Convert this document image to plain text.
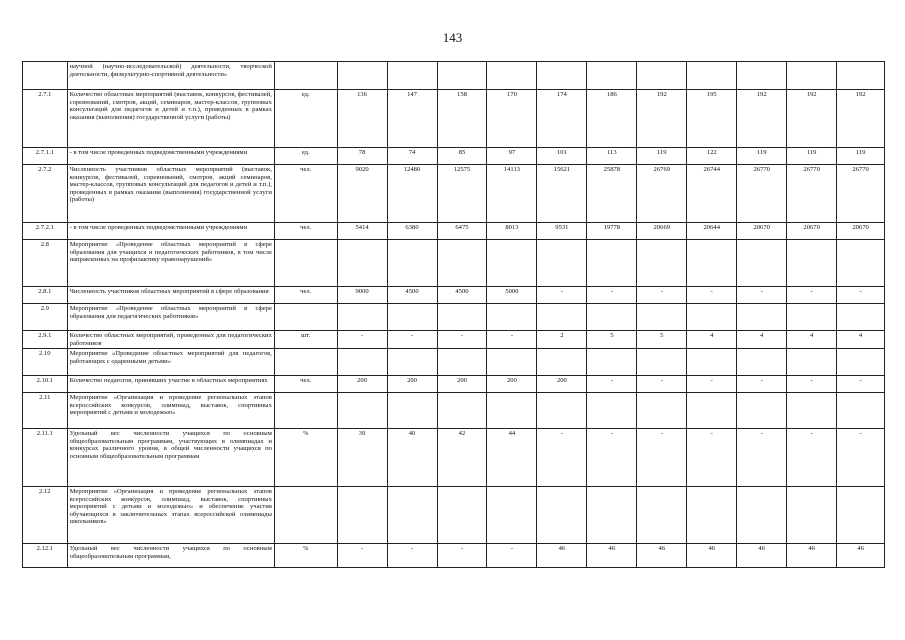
143
	научной (научно-исследовательской) деятельности, творческой деятельности, физкультурно-спортивной деятельности»												
2.7.1	Количество областных мероприятий (выставок, конкурсов, фестивалей, соревнований, смотров, акций, семинаров, мастер-классов, групповых консультаций для педагогов и детей и т.п.), проведенных в рамках оказания (выполнения) государственной услуги (работы)	ед.	136	147	158	170	174	186	192	195	192	192	192
2.7.1.1	- в том числе проведенных подведомственными учреждениями	ед.	78	74	85	97	101	113	119	122	119	119	119
2.7.2	Численность участников областных мероприятий (выставок, конкурсов, фестивалей, соревнований, смотров, акций семинаров, мастер-классов, групповых консультаций для педагогов и детей и т.п.), проведенных в рамках оказания (выполнения) государственной услуги (работы)	чел.	9020	12480	12575	14113	15621	25878	26769	26744	26770	26770	26770
2.7.2.1	- в том числе проведенных подведомственными учреждениями	чел.	5414	6380	6475	8013	9531	19778	20669	20644	20670	20670	20670
2.8	Мероприятие «Проведение областных мероприятий в сфере образования для учащихся и педагогических работников, в том числе направленных на профилактику правонарушений»												
2.8.1	Численность участников областных мероприятий в сфере образования	чел.	9000	4500	4500	5000	-	-	-	-	-	-	-
2.9	Мероприятие «Проведение областных мероприятий в сфере образования для педагогических работников»												
2.9.1	Количество областных мероприятий, проведенных для педагогических работников	шт.	-	-	-	-	2	5	5	4	4	4	4
2.10	Мероприятие «Проведение областных мероприятий для педагогов, работающих с одаренными детьми»												
2.10.1	Количество педагогов, принявших участие в областных мероприятиях	чел.	200	200	200	200	200	-	-	-	-	-	-
2.11	Мероприятие «Организация и проведение региональных этапов всероссийских конкурсов, олимпиад, выставок, спортивных мероприятий с детьми и молодежью»												
2.11.1	Удельный вес численности учащихся по основным общеобразовательным программам, участвующих в олимпиадах и конкурсах различного уровня, в общей численности учащихся по основным общеобразовательным программам	%	39	40	42	44	-	-	-	-	-	-	-
2.12	Мероприятие «Организация и проведение региональных этапов всероссийских конкурсов, олимпиад, выставок, спортивных мероприятий с детьми и молодежью» и обеспечение участия обучающихся в заключительных этапах всероссийской олимпиады школьников»												
2.12.1	Удельный вес численности учащихся по основным общеобразовательным программам,	%	-	-	-	-	46	46	46	46	46	46	46
